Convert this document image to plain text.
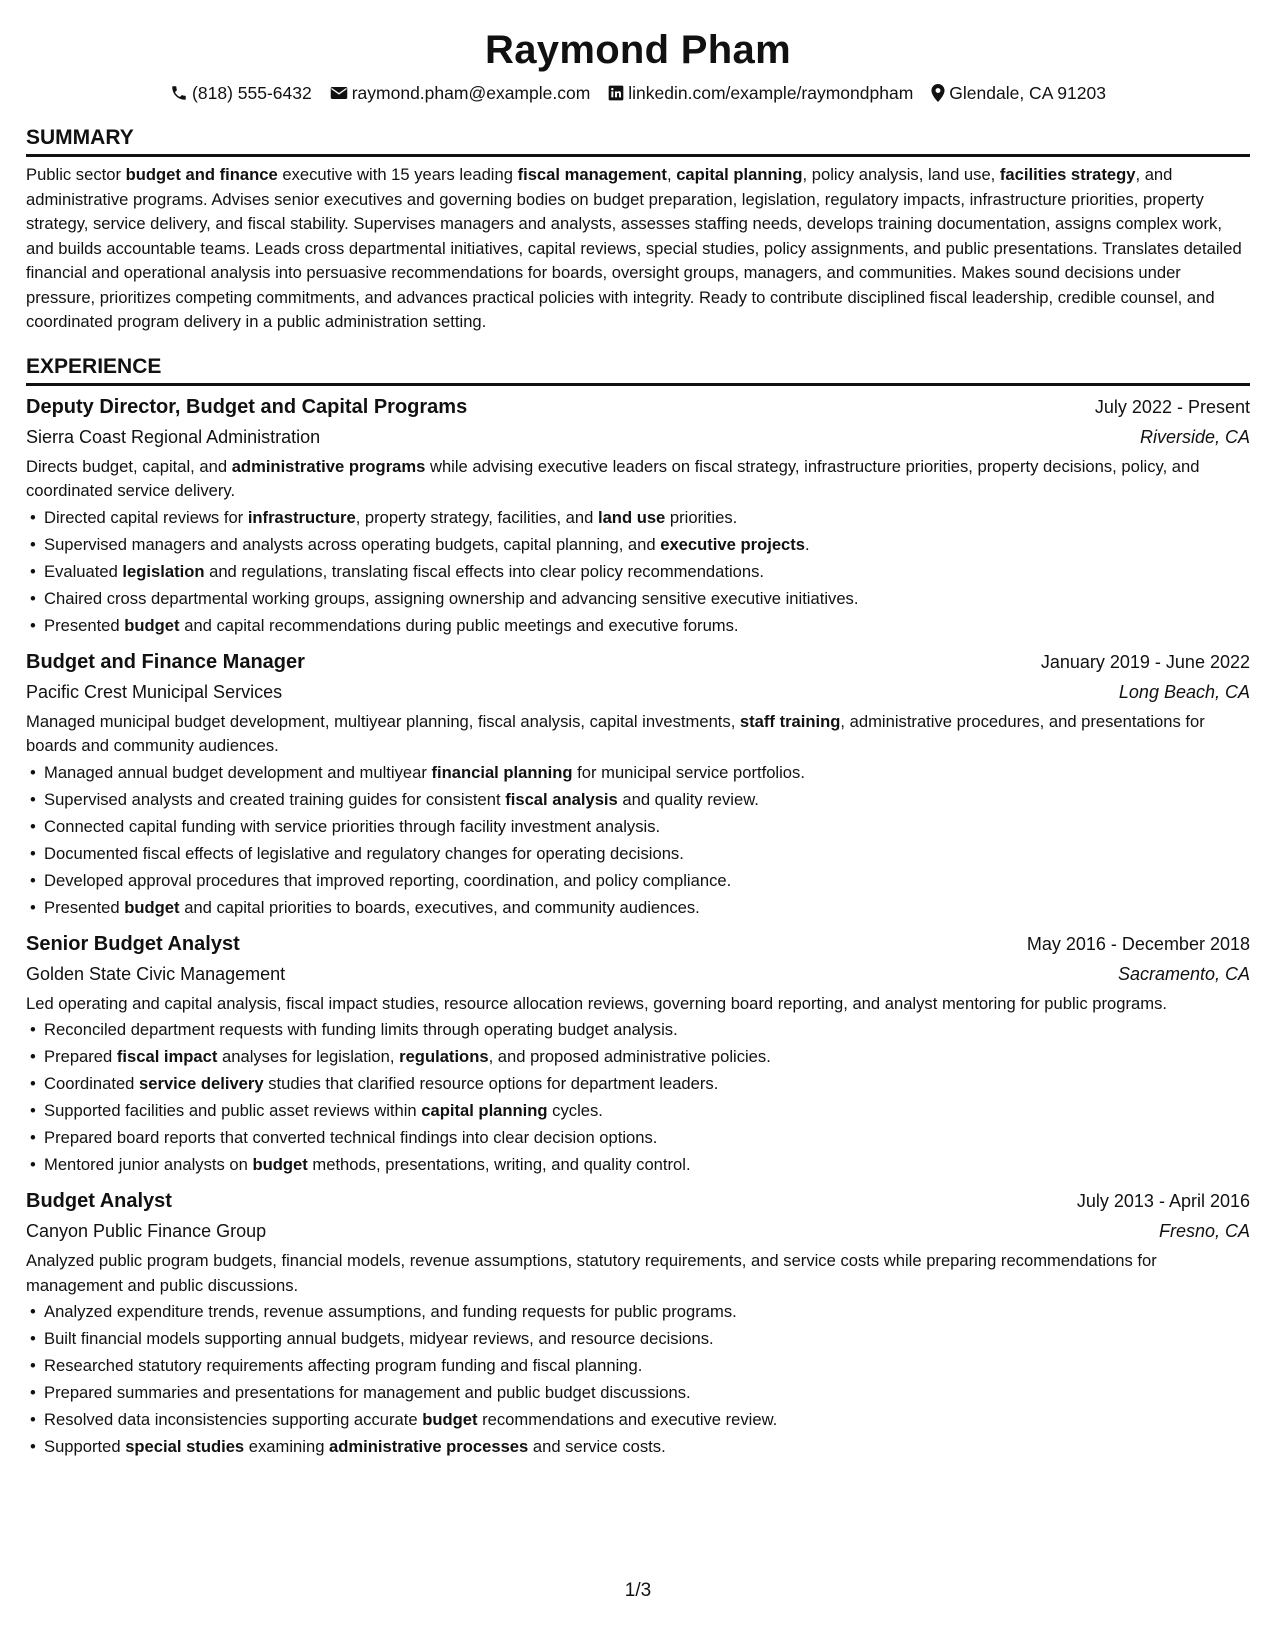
Raymond Pham
(818) 555-6432 raymond.pham@example.com linkedin.com/example/raymondpham Glendale, CA 91203
SUMMARY
Public sector budget and finance executive with 15 years leading fiscal management, capital planning, policy analysis, land use, facilities strategy, and administrative programs. Advises senior executives and governing bodies on budget preparation, legislation, regulatory impacts, infrastructure priorities, property strategy, service delivery, and fiscal stability. Supervises managers and analysts, assesses staffing needs, develops training documentation, assigns complex work, and builds accountable teams. Leads cross departmental initiatives, capital reviews, special studies, policy assignments, and public presentations. Translates detailed financial and operational analysis into persuasive recommendations for boards, oversight groups, managers, and communities. Makes sound decisions under pressure, prioritizes competing commitments, and advances practical policies with integrity. Ready to contribute disciplined fiscal leadership, credible counsel, and coordinated program delivery in a public administration setting.
EXPERIENCE
Deputy Director, Budget and Capital Programs	July 2022 - Present
Sierra Coast Regional Administration	Riverside, CA
Directs budget, capital, and administrative programs while advising executive leaders on fiscal strategy, infrastructure priorities, property decisions, policy, and coordinated service delivery.
• Directed capital reviews for infrastructure, property strategy, facilities, and land use priorities.
• Supervised managers and analysts across operating budgets, capital planning, and executive projects.
• Evaluated legislation and regulations, translating fiscal effects into clear policy recommendations.
• Chaired cross departmental working groups, assigning ownership and advancing sensitive executive initiatives.
• Presented budget and capital recommendations during public meetings and executive forums.
Budget and Finance Manager	January 2019 - June 2022
Pacific Crest Municipal Services	Long Beach, CA
Managed municipal budget development, multiyear planning, fiscal analysis, capital investments, staff training, administrative procedures, and presentations for boards and community audiences.
• Managed annual budget development and multiyear financial planning for municipal service portfolios.
• Supervised analysts and created training guides for consistent fiscal analysis and quality review.
• Connected capital funding with service priorities through facility investment analysis.
• Documented fiscal effects of legislative and regulatory changes for operating decisions.
• Developed approval procedures that improved reporting, coordination, and policy compliance.
• Presented budget and capital priorities to boards, executives, and community audiences.
Senior Budget Analyst	May 2016 - December 2018
Golden State Civic Management	Sacramento, CA
Led operating and capital analysis, fiscal impact studies, resource allocation reviews, governing board reporting, and analyst mentoring for public programs.
• Reconciled department requests with funding limits through operating budget analysis.
• Prepared fiscal impact analyses for legislation, regulations, and proposed administrative policies.
• Coordinated service delivery studies that clarified resource options for department leaders.
• Supported facilities and public asset reviews within capital planning cycles.
• Prepared board reports that converted technical findings into clear decision options.
• Mentored junior analysts on budget methods, presentations, writing, and quality control.
Budget Analyst	July 2013 - April 2016
Canyon Public Finance Group	Fresno, CA
Analyzed public program budgets, financial models, revenue assumptions, statutory requirements, and service costs while preparing recommendations for management and public discussions.
• Analyzed expenditure trends, revenue assumptions, and funding requests for public programs.
• Built financial models supporting annual budgets, midyear reviews, and resource decisions.
• Researched statutory requirements affecting program funding and fiscal planning.
• Prepared summaries and presentations for management and public budget discussions.
• Resolved data inconsistencies supporting accurate budget recommendations and executive review.
• Supported special studies examining administrative processes and service costs.
1/3
